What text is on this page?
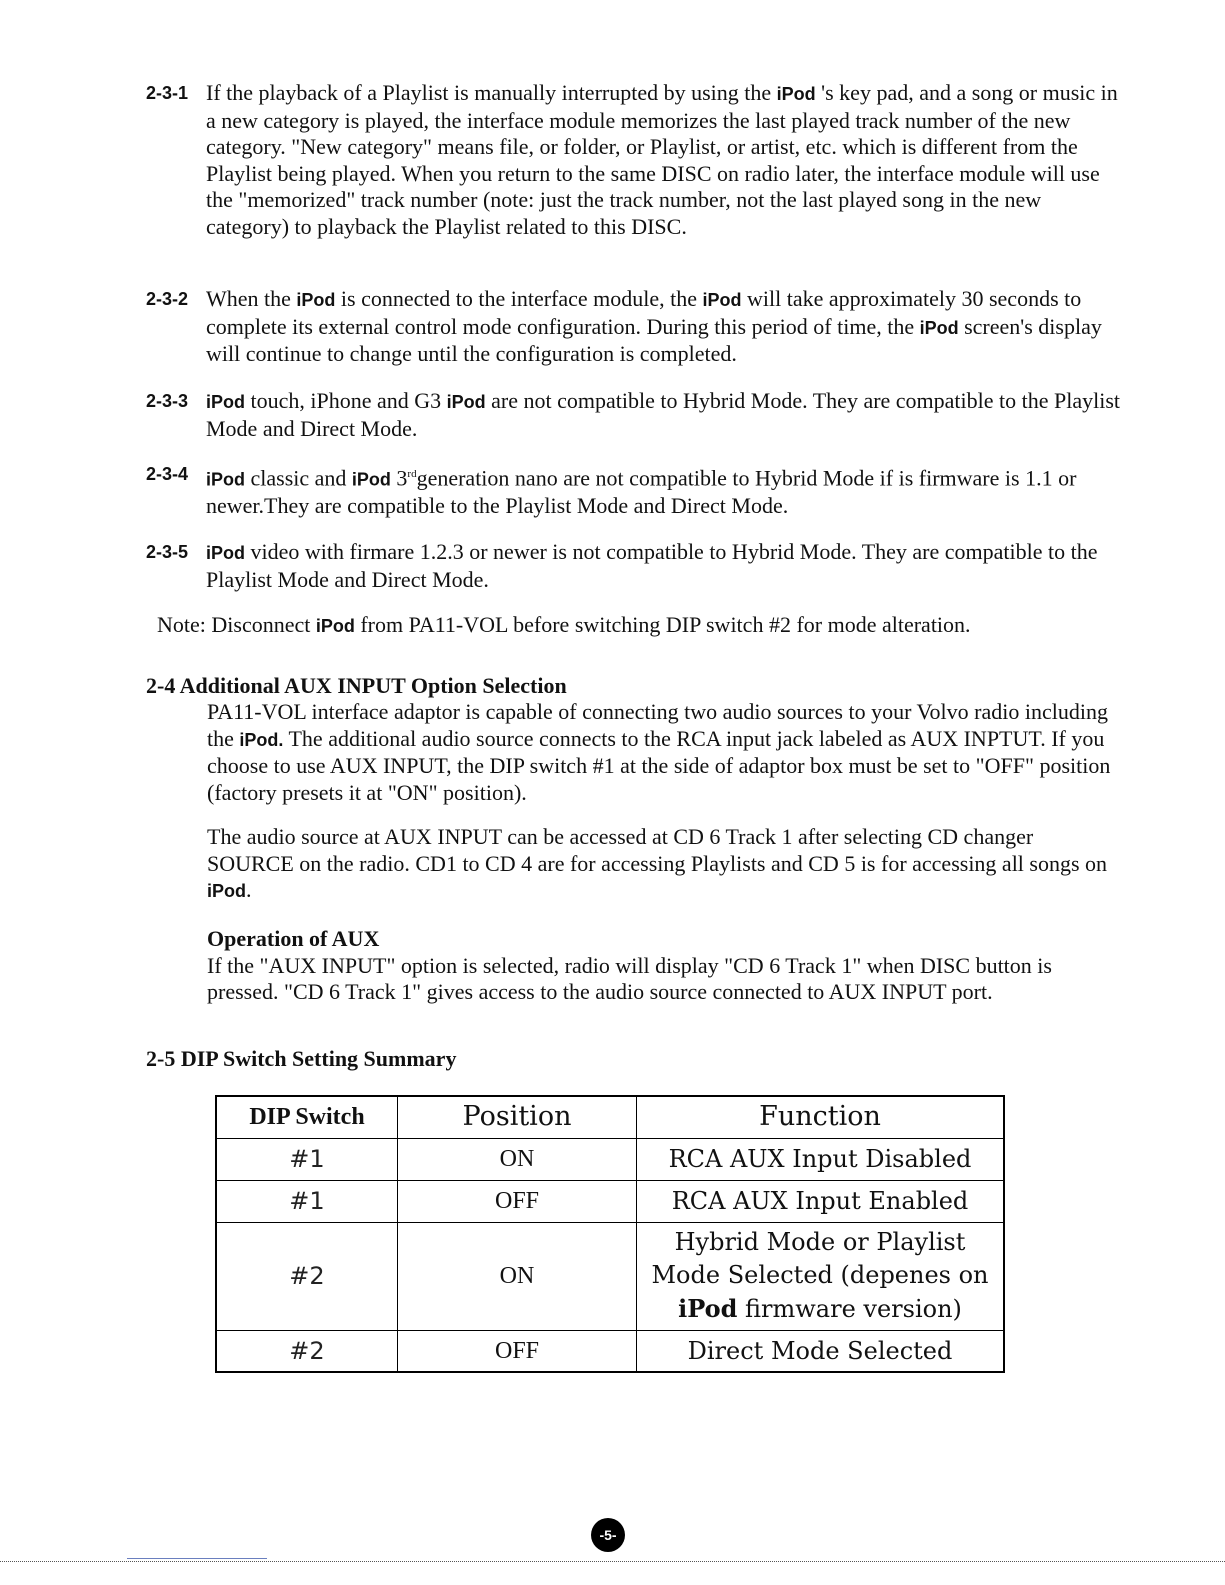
2-3-1 If the playback of a Playlist is manually interrupted by using the iPod 's key pad, and a song or music in a new category is played, the interface module memorizes the last played track number of the new category. "New category" means file, or folder, or Playlist, or artist, etc. which is different from the Playlist being played. When you return to the same DISC on radio later, the interface module will use the "memorized" track number (note: just the track number, not the last played song in the new category) to playback the Playlist related to this DISC.
2-3-2 When the iPod is connected to the interface module, the iPod will take approximately 30 seconds to complete its external control mode configuration. During this period of time, the iPod screen's display will continue to change until the configuration is completed.
2-3-3 iPod touch, iPhone and G3 iPod are not compatible to Hybrid Mode. They are compatible to the Playlist Mode and Direct Mode.
2-3-4 iPod classic and iPod 3rdgeneration nano are not compatible to Hybrid Mode if is firmware is 1.1 or newer.They are compatible to the Playlist Mode and Direct Mode.
2-3-5 iPod video with firmare 1.2.3 or newer is not compatible to Hybrid Mode. They are compatible to the Playlist Mode and Direct Mode.
Note: Disconnect iPod from PA11-VOL before switching DIP switch #2 for mode alteration.
2-4 Additional AUX INPUT Option Selection
PA11-VOL interface adaptor is capable of connecting two audio sources to your Volvo radio including the iPod. The additional audio source connects to the RCA input jack labeled as AUX INPTUT. If you choose to use AUX INPUT, the DIP switch #1 at the side of adaptor box must be set to "OFF" position (factory presets it at "ON" position).
The audio source at AUX INPUT can be accessed at CD 6 Track 1 after selecting CD changer SOURCE on the radio. CD1 to CD 4 are for accessing Playlists and CD 5 is for accessing all songs on iPod.
Operation of AUX
If the "AUX INPUT" option is selected, radio will display "CD 6 Track 1" when DISC button is pressed. "CD 6 Track 1" gives access to the audio source connected to AUX INPUT port.
2-5 DIP Switch Setting Summary
DIP Switch	Position	Function
#1	ON	RCA AUX Input Disabled
#1	OFF	RCA AUX Input Enabled
#2	ON	Hybrid Mode or Playlist Mode Selected (depenes on iPod firmware version)
#2	OFF	Direct Mode Selected
-5-
